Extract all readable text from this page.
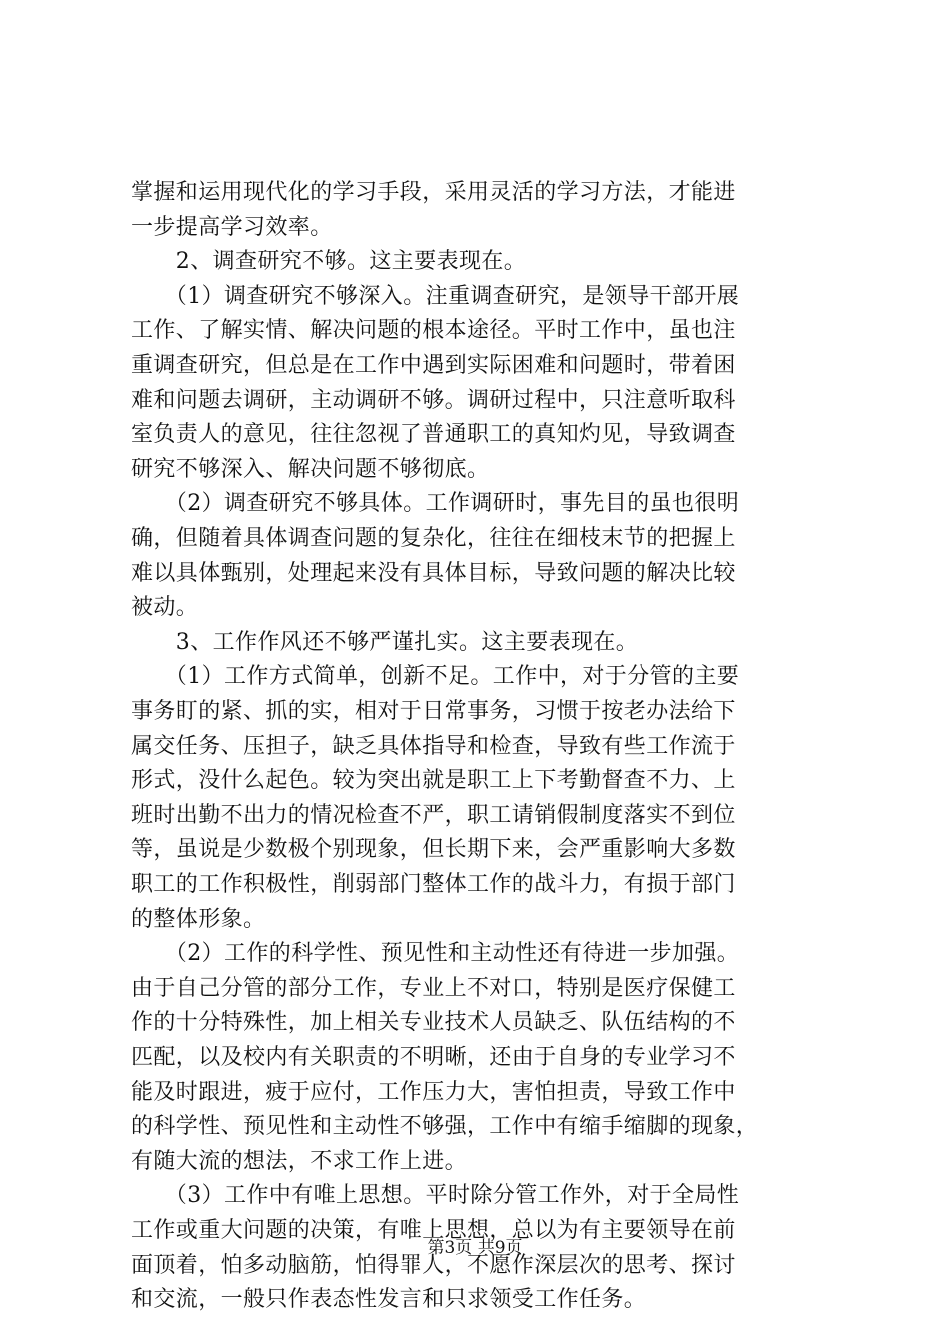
掌握和运用现代化的学习手段，采用灵活的学习方法，才能进
一步提高学习效率。
　　2、调查研究不够。这主要表现在。
　　（1）调查研究不够深入。注重调查研究，是领导干部开展
工作、了解实情、解决问题的根本途径。平时工作中，虽也注
重调查研究，但总是在工作中遇到实际困难和问题时，带着困
难和问题去调研，主动调研不够。调研过程中，只注意听取科
室负责人的意见，往往忽视了普通职工的真知灼见，导致调查
研究不够深入、解决问题不够彻底。
　　（2）调查研究不够具体。工作调研时，事先目的虽也很明
确，但随着具体调查问题的复杂化，往往在细枝末节的把握上
难以具体甄别，处理起来没有具体目标，导致问题的解决比较
被动。
　　3、工作作风还不够严谨扎实。这主要表现在。
　　（1）工作方式简单，创新不足。工作中，对于分管的主要
事务盯的紧、抓的实，相对于日常事务，习惯于按老办法给下
属交任务、压担子，缺乏具体指导和检查，导致有些工作流于
形式，没什么起色。较为突出就是职工上下考勤督查不力、上
班时出勤不出力的情况检查不严，职工请销假制度落实不到位
等，虽说是少数极个别现象，但长期下来，会严重影响大多数
职工的工作积极性，削弱部门整体工作的战斗力，有损于部门
的整体形象。
　　（2）工作的科学性、预见性和主动性还有待进一步加强。
由于自己分管的部分工作，专业上不对口，特别是医疗保健工
作的十分特殊性，加上相关专业技术人员缺乏、队伍结构的不
匹配，以及校内有关职责的不明晰，还由于自身的专业学习不
能及时跟进，疲于应付，工作压力大，害怕担责，导致工作中
的科学性、预见性和主动性不够强，工作中有缩手缩脚的现象，
有随大流的想法，不求工作上进。
　　（3）工作中有唯上思想。平时除分管工作外，对于全局性
工作或重大问题的决策，有唯上思想，总以为有主要领导在前
面顶着，怕多动脑筋，怕得罪人，不愿作深层次的思考、探讨
和交流，一般只作表态性发言和只求领受工作任务。
第3页 共9页
